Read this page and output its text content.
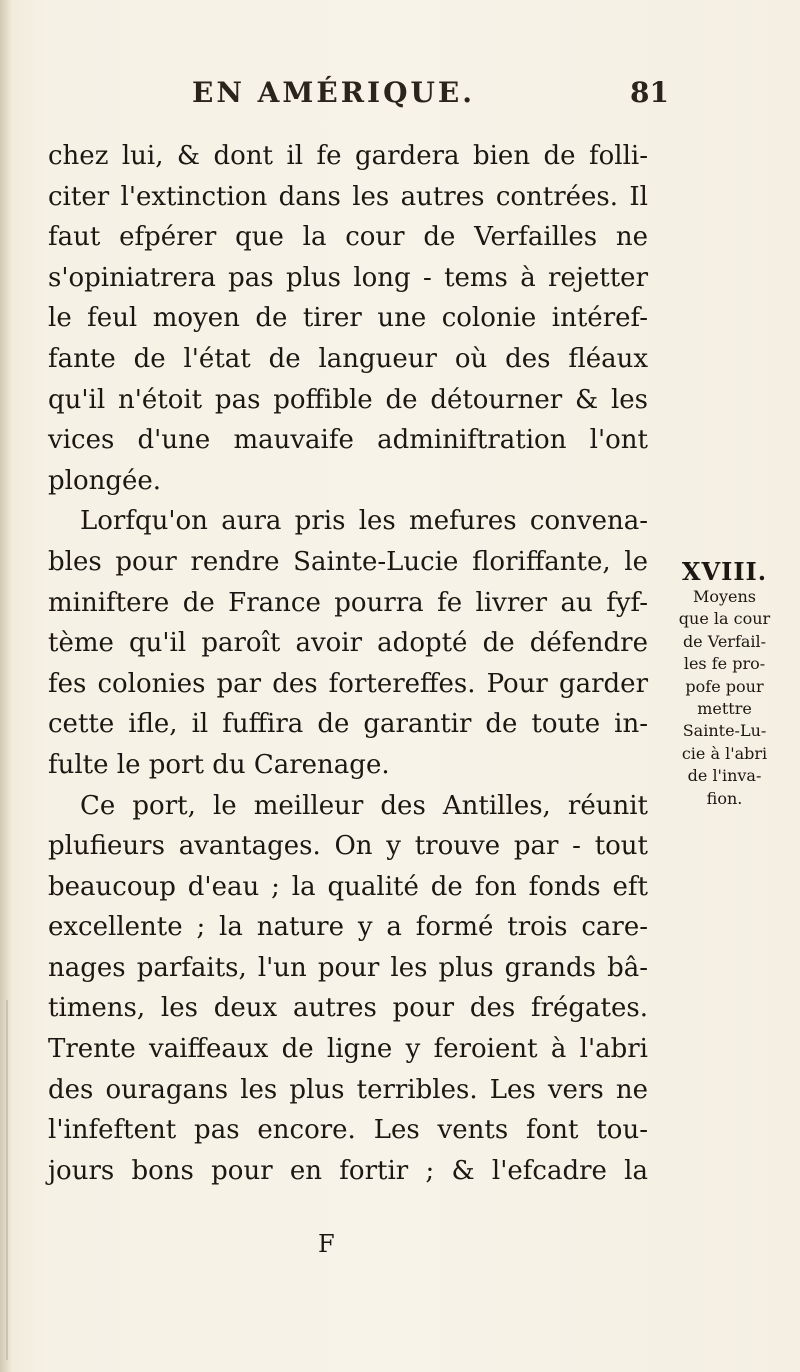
EN AMÉRIQUE.	81
chez lui, & dont il fe gardera bien de folli-
citer l'extinction dans les autres contrées. Il
faut efpérer que la cour de Verfailles ne
s'opiniatrera pas plus long - tems à rejetter
le feul moyen de tirer une colonie intéref-
fante de l'état de langueur où des fléaux
qu'il n'étoit pas poffible de détourner & les
vices d'une mauvaife adminiftration l'ont
plongée.
Lorfqu'on aura pris les mefures convena-
bles pour rendre Sainte-Lucie floriffante, le
miniftere de France pourra fe livrer au fyf-
tème qu'il paroît avoir adopté de défendre
fes colonies par des fortereffes. Pour garder
cette ifle, il fuffira de garantir de toute in-
fulte le port du Carenage.
Ce port, le meilleur des Antilles, réunit
plufieurs avantages. On y trouve par - tout
beaucoup d'eau ; la qualité de fon fonds eft
excellente ; la nature y a formé trois care-
nages parfaits, l'un pour les plus grands bâ-
timens, les deux autres pour des frégates.
Trente vaiffeaux de ligne y feroient à l'abri
des ouragans les plus terribles. Les vers ne
l'infeftent pas encore. Les vents font tou-
jours bons pour en fortir ; & l'efcadre la
XVIII.
Moyens
que la cour
de Verfail-
les fe pro-
pofe pour
mettre
Sainte-Lu-
cie à l'abri
de l'inva-
fion.
F
